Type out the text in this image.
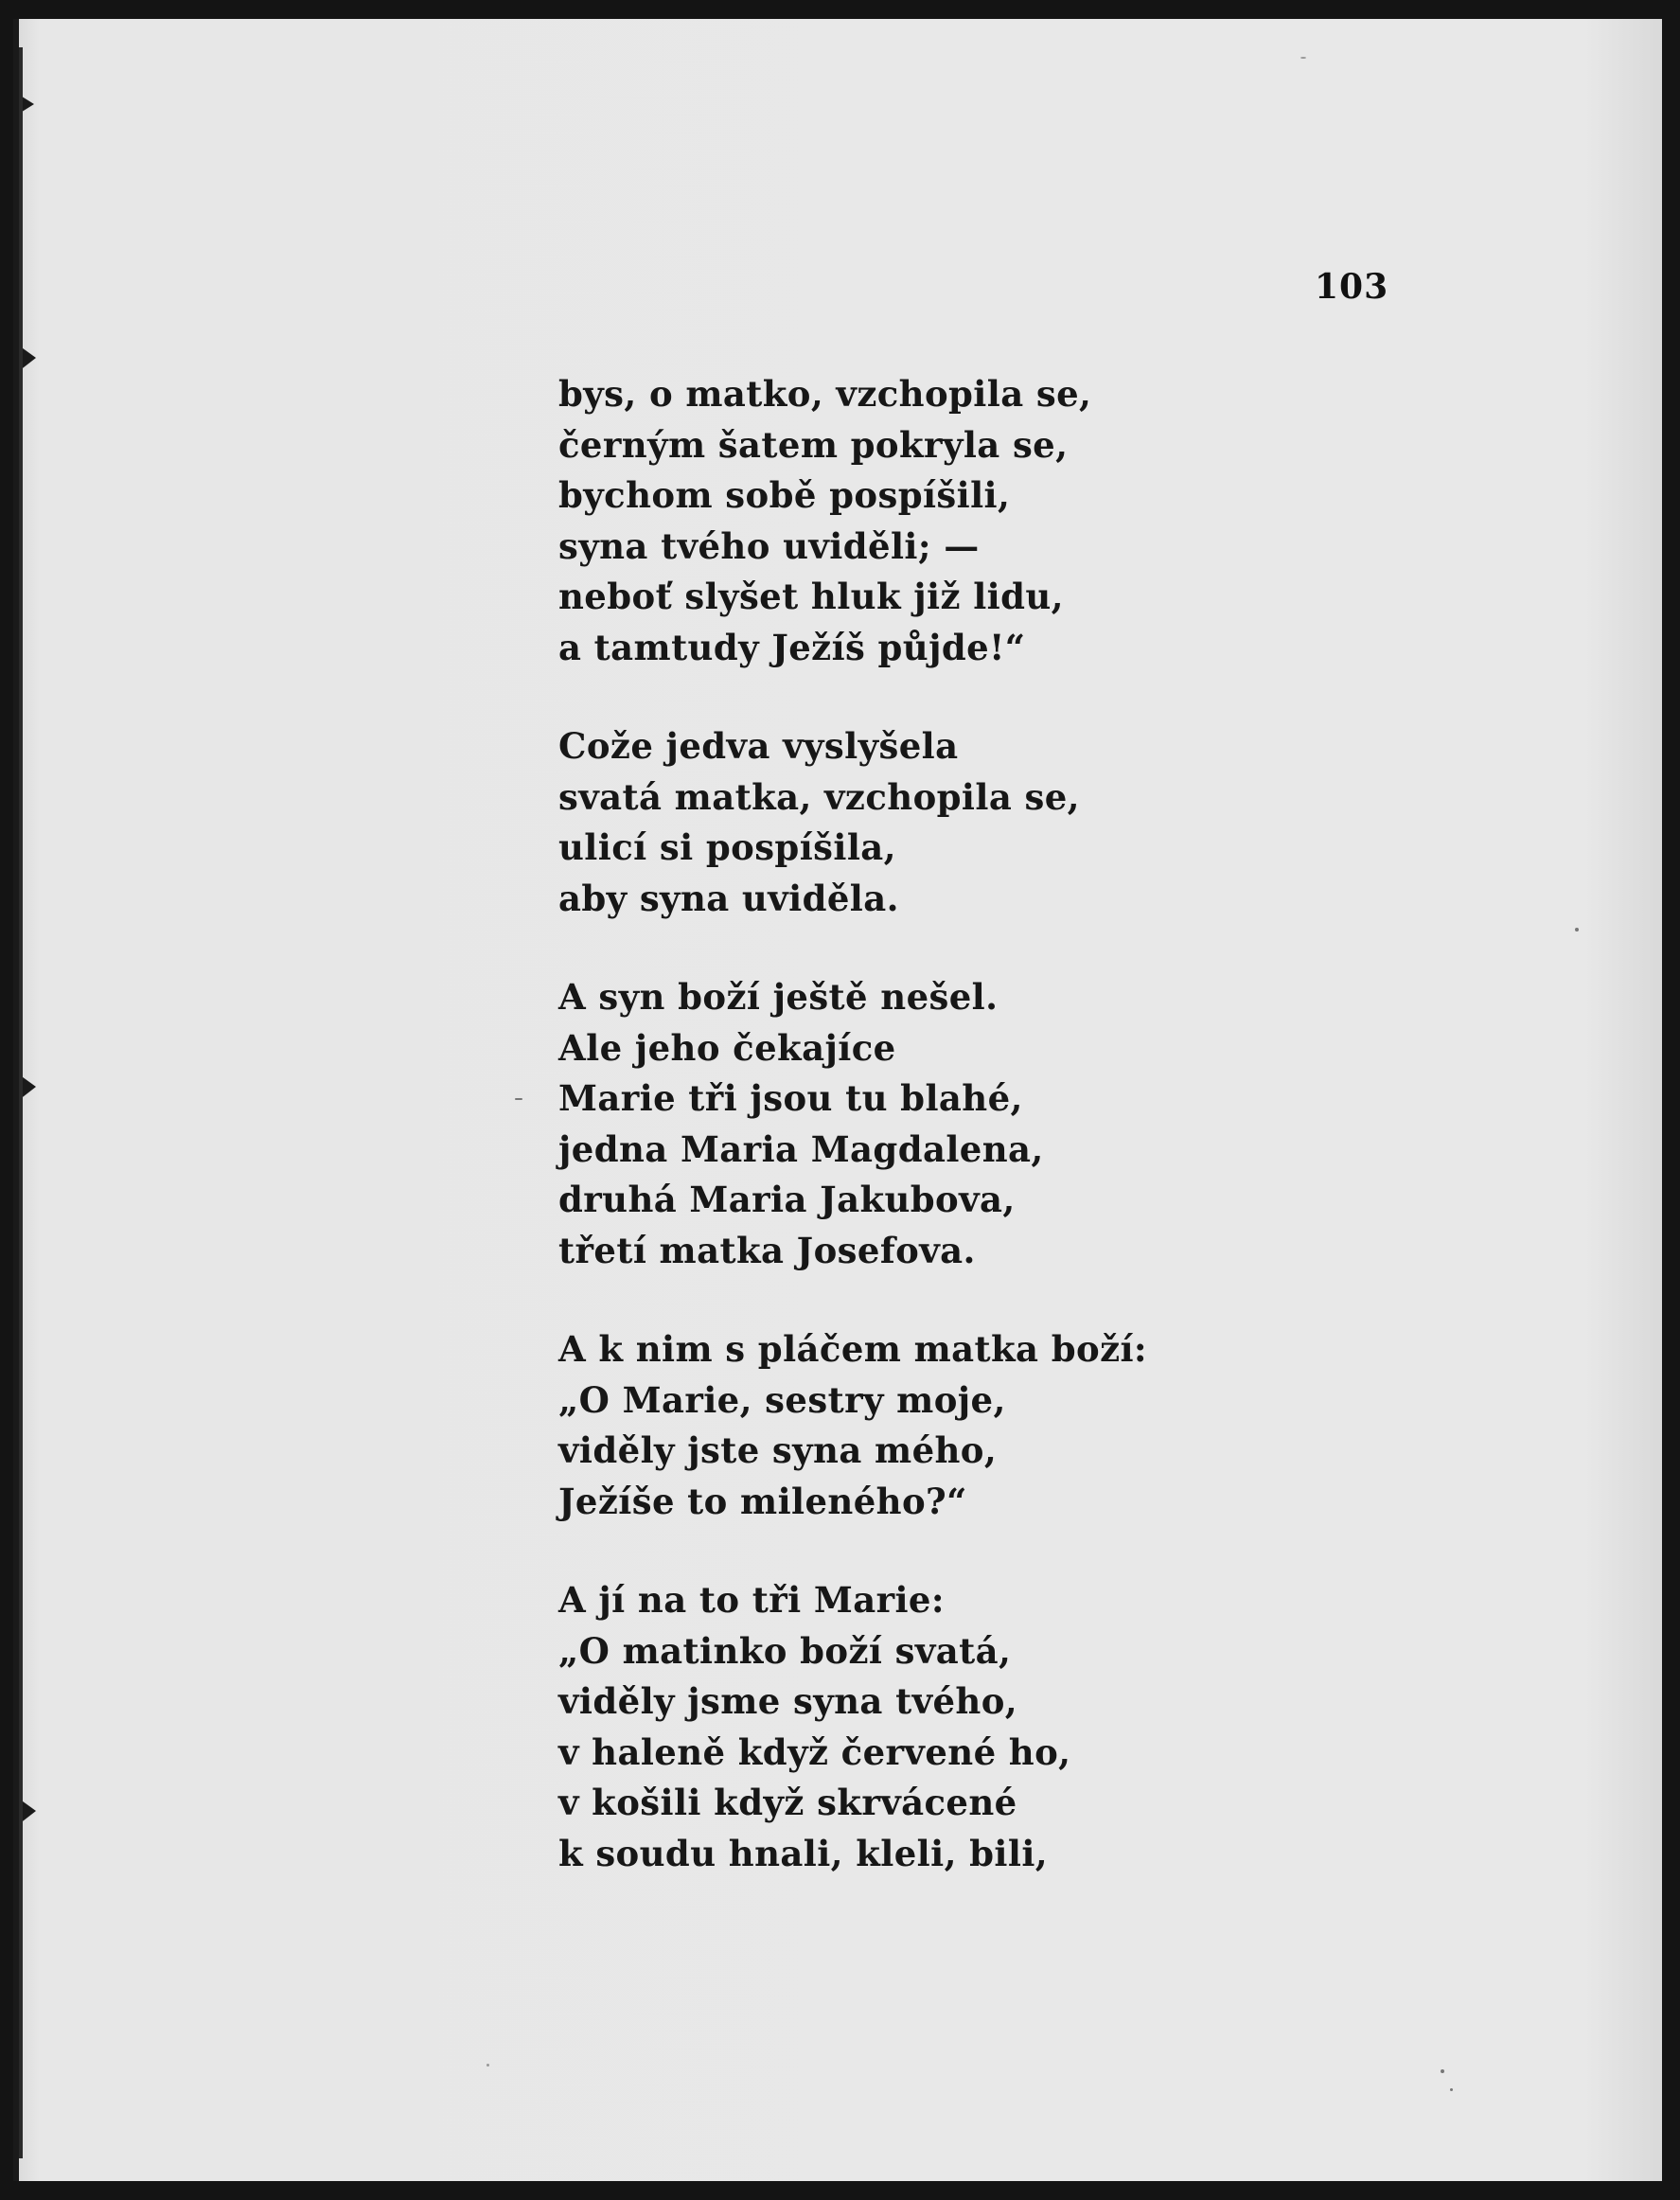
103
bys, o matko, vzchopila se,
černým šatem pokryla se,
bychom sobě pospíšili,
syna tvého uviděli; —
neboť slyšet hluk již lidu,
a tamtudy Ježíš půjde!“
Cože jedva vyslyšela
svatá matka, vzchopila se,
ulicí si pospíšila,
aby syna uviděla.
A syn boží ještě nešel.
Ale jeho čekajíce
Marie tři jsou tu blahé,
jedna Maria Magdalena,
druhá Maria Jakubova,
třetí matka Josefova.
A k nim s pláčem matka boží:
„O Marie, sestry moje,
viděly jste syna mého,
Ježíše to mileného?“
A jí na to tři Marie:
„O matinko boží svatá,
viděly jsme syna tvého,
v haleně když červené ho,
v košili když skrvácené
k soudu hnali, kleli, bili,
